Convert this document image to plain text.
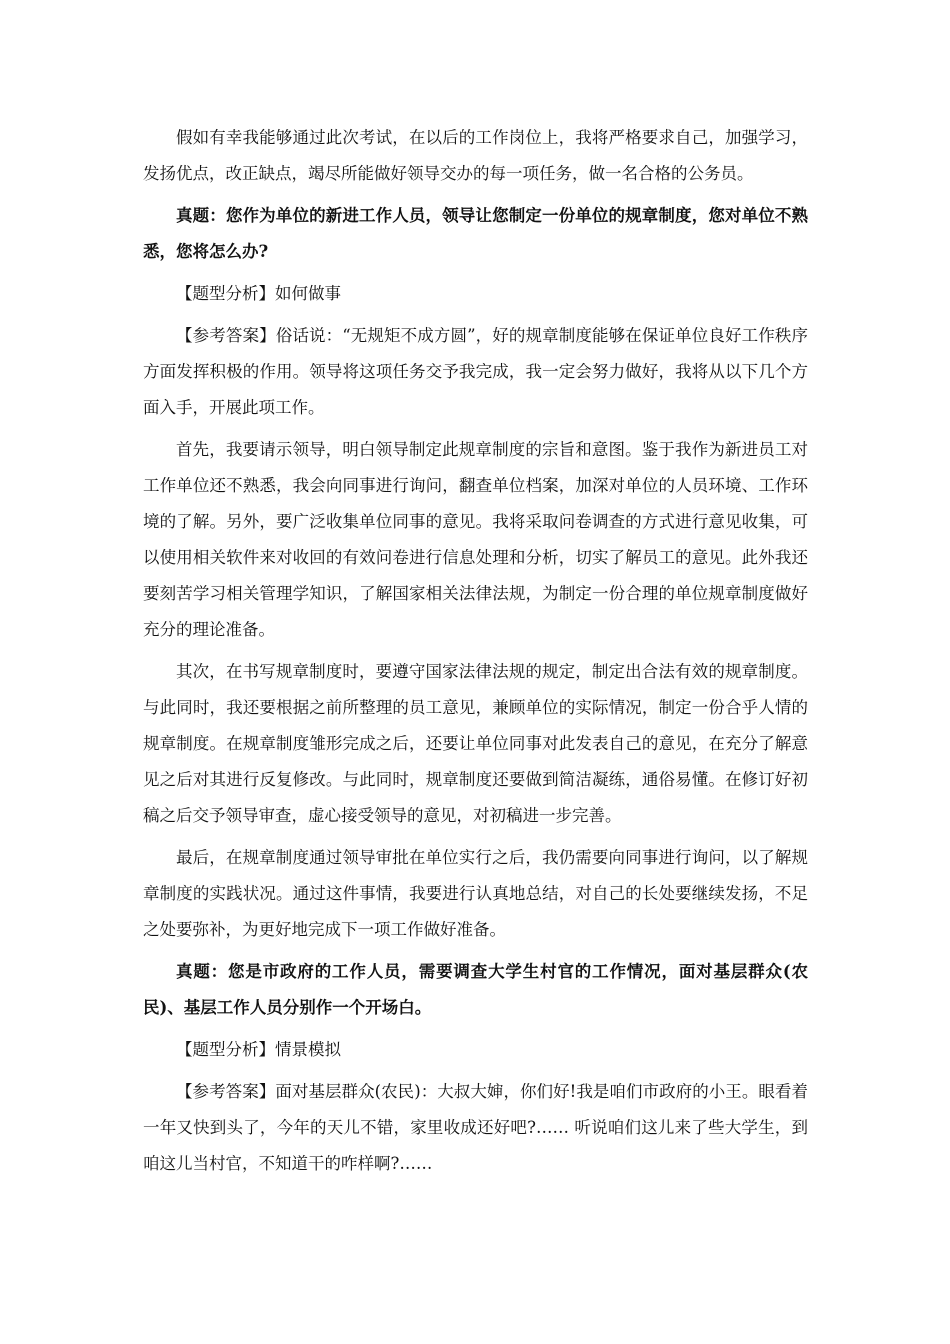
假如有幸我能够通过此次考试，在以后的工作岗位上，我将严格要求自己，加强学习，发扬优点，改正缺点，竭尽所能做好领导交办的每一项任务，做一名合格的公务员。

真题：您作为单位的新进工作人员，领导让您制定一份单位的规章制度，您对单位不熟悉，您将怎么办?

【题型分析】如何做事

【参考答案】俗话说：“无规矩不成方圆”，好的规章制度能够在保证单位良好工作秩序方面发挥积极的作用。领导将这项任务交予我完成，我一定会努力做好，我将从以下几个方面入手，开展此项工作。

首先，我要请示领导，明白领导制定此规章制度的宗旨和意图。鉴于我作为新进员工对工作单位还不熟悉，我会向同事进行询问，翻查单位档案，加深对单位的人员环境、工作环境的了解。另外，要广泛收集单位同事的意见。我将采取问卷调查的方式进行意见收集，可以使用相关软件来对收回的有效问卷进行信息处理和分析，切实了解员工的意见。此外我还要刻苦学习相关管理学知识，了解国家相关法律法规，为制定一份合理的单位规章制度做好充分的理论准备。

其次，在书写规章制度时，要遵守国家法律法规的规定，制定出合法有效的规章制度。与此同时，我还要根据之前所整理的员工意见，兼顾单位的实际情况，制定一份合乎人情的规章制度。在规章制度雏形完成之后，还要让单位同事对此发表自己的意见，在充分了解意见之后对其进行反复修改。与此同时，规章制度还要做到简洁凝练，通俗易懂。在修订好初稿之后交予领导审查，虚心接受领导的意见，对初稿进一步完善。

最后，在规章制度通过领导审批在单位实行之后，我仍需要向同事进行询问，以了解规章制度的实践状况。通过这件事情，我要进行认真地总结，对自己的长处要继续发扬，不足之处要弥补，为更好地完成下一项工作做好准备。

真题：您是市政府的工作人员，需要调查大学生村官的工作情况，面对基层群众(农民)、基层工作人员分别作一个开场白。

【题型分析】情景模拟

【参考答案】面对基层群众(农民)：大叔大婶，你们好!我是咱们市政府的小王。眼看着一年又快到头了，今年的天儿不错，家里收成还好吧?…… 听说咱们这儿来了些大学生，到咱这儿当村官，不知道干的咋样啊?……
